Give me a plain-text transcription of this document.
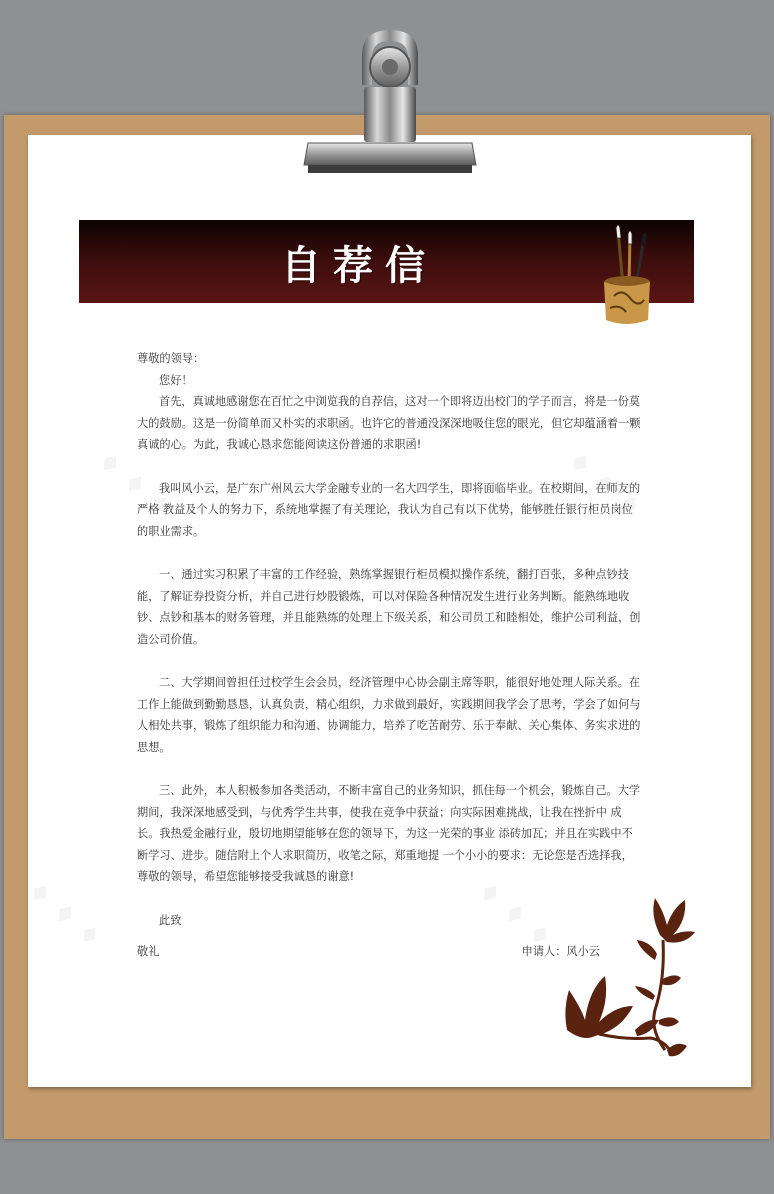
自荐信

尊敬的领导：

您好！

首先，真诚地感谢您在百忙之中浏览我的自荐信，这对一个即将迈出校门的学子而言，将是一份莫大的鼓励。这是一份简单而又朴实的求职函。也许它的普通没深深地吸住您的眼光，但它却蕴涵着一颗真诚的心。为此，我诚心恳求您能阅读这份普通的求职函!

我叫风小云，是广东广州风云大学金融专业的一名大四学生，即将面临毕业。在校期间，在师友的严格 教益及个人的努力下，系统地掌握了有关理论，我认为自己有以下优势，能够胜任银行柜员岗位的职业需求。

一、通过实习积累了丰富的工作经验，熟练掌握银行柜员模拟操作系统，翻打百张，多种点钞技能，了解证券投资分析，并自己进行炒股锻炼，可以对保险各种情况发生进行业务判断。能熟练地收钞、点钞和基本的财务管理，并且能熟练的处理上下级关系，和公司员工和睦相处，维护公司利益，创造公司价值。

二、大学期间曾担任过校学生会会员，经济管理中心协会副主席等职，能很好地处理人际关系。在工作上能做到勤勤恳恳，认真负责，精心组织，力求做到最好，实践期间我学会了思考，学会了如何与人相处共事，锻炼了组织能力和沟通、协调能力，培养了吃苦耐劳、乐于奉献、关心集体、务实求进的思想。

三、此外，本人积极参加各类活动，不断丰富自己的业务知识，抓住每一个机会，锻炼自己。大学期间，我深深地感受到，与优秀学生共事，使我在竞争中获益；向实际困难挑战，让我在挫折中 成长。我热爱金融行业，殷切地期望能够在您的领导下，为这一光荣的事业 添砖加瓦；并且在实践中不断学习、进步。随信附上个人求职简历，收笔之际，郑重地提 一个小小的要求：无论您是否选择我，尊敬的领导，希望您能够接受我诚恳的谢意!

此致

敬礼	申请人：风小云
